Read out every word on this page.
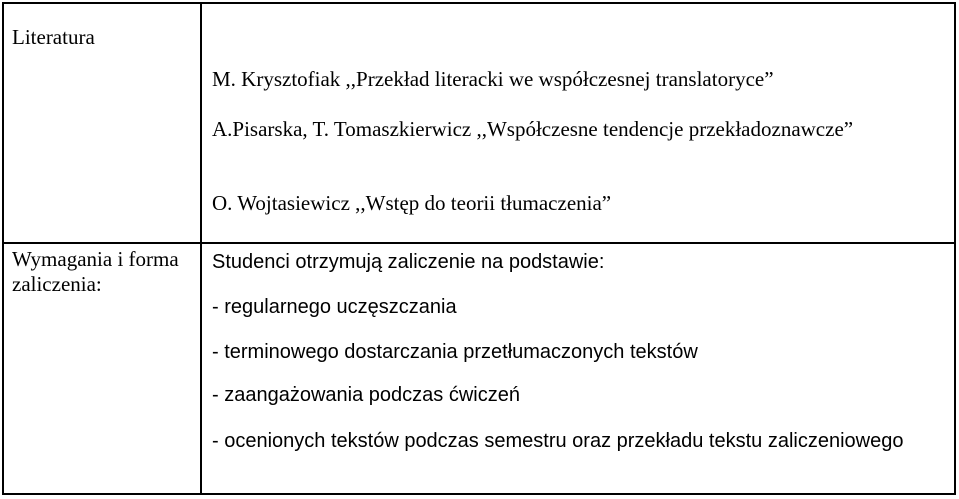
Literatura
M. Krysztofiak ,,Przekład literacki we współczesnej translatoryce”
A.Pisarska, T. Tomaszkierwicz ,,Współczesne tendencje przekładoznawcze”
O. Wojtasiewicz ,,Wstęp do teorii tłumaczenia”
Wymagania i forma zaliczenia:
Studenci otrzymują zaliczenie na podstawie:
- regularnego uczęszczania
- terminowego dostarczania przetłumaczonych tekstów
- zaangażowania podczas ćwiczeń
- ocenionych tekstów podczas semestru oraz przekładu tekstu zaliczeniowego
